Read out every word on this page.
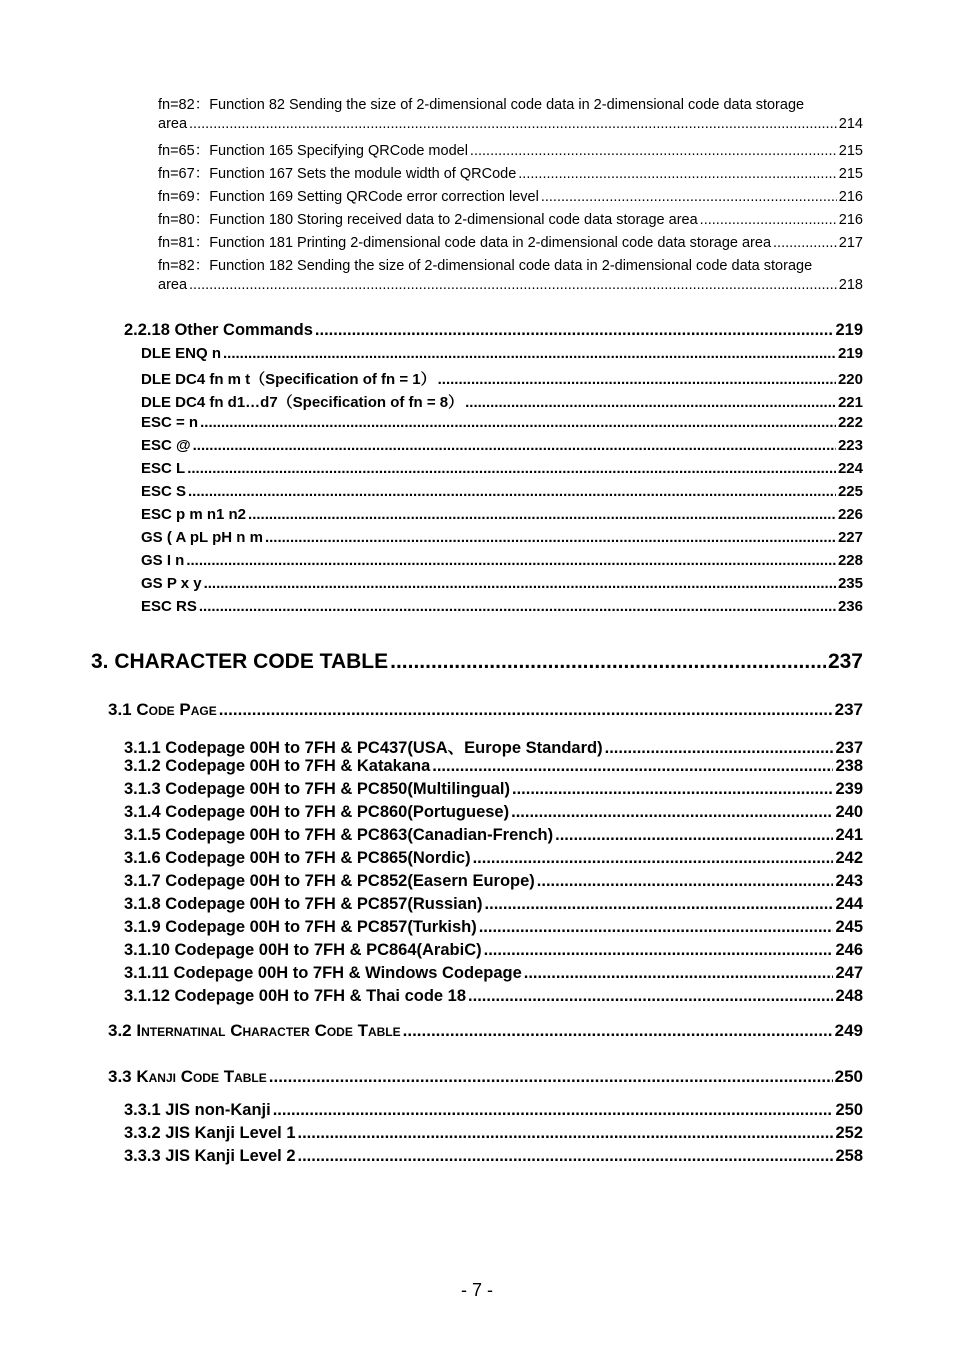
fn=82：Function 82 Sending the size of 2-dimensional code data in 2-dimensional code data storage
area .....	214
fn=65：Function 165 Specifying QRCode model .....	215
fn=67：Function 167 Sets the module width of QRCode .....	215
fn=69：Function 169 Setting QRCode error correction level .....	216
fn=80：Function 180 Storing received data to 2-dimensional code data storage area .....	216
fn=81：Function 181 Printing 2-dimensional code data in 2-dimensional code data storage area .....	217
fn=82：Function 182 Sending the size of 2-dimensional code data in 2-dimensional code data storage
area .....	218
2.2.18 Other Commands .....	219
DLE ENQ n .....	219
DLE DC4 fn m t（Specification of fn = 1） .....	220
DLE DC4 fn d1…d7（Specification of fn = 8） .....	221
ESC = n .....	222
ESC @ .....	223
ESC L .....	224
ESC S .....	225
ESC p m n1 n2 .....	226
GS ( A pL pH n m .....	227
GS I n .....	228
GS P x y .....	235
ESC RS .....	236
3. CHARACTER CODE TABLE .....	237
3.1 Code Page .....	237
3.1.1 Codepage 00H to 7FH & PC437(USA、Europe Standard) .....	237
3.1.2 Codepage 00H to 7FH & Katakana .....	238
3.1.3 Codepage 00H to 7FH & PC850(Multilingual) .....	239
3.1.4 Codepage 00H to 7FH & PC860(Portuguese) .....	240
3.1.5 Codepage 00H to 7FH & PC863(Canadian-French) .....	241
3.1.6 Codepage 00H to 7FH & PC865(Nordic) .....	242
3.1.7 Codepage 00H to 7FH & PC852(Easern Europe) .....	243
3.1.8 Codepage 00H to 7FH & PC857(Russian) .....	244
3.1.9 Codepage 00H to 7FH & PC857(Turkish) .....	245
3.1.10 Codepage 00H to 7FH & PC864(ArabiC) .....	246
3.1.11 Codepage 00H to 7FH & Windows Codepage .....	247
3.1.12 Codepage 00H to 7FH & Thai code 18 .....	248
3.2 Internatinal Character Code Table .....	249
3.3 Kanji Code Table .....	250
3.3.1 JIS non-Kanji .....	250
3.3.2 JIS Kanji Level 1 .....	252
3.3.3 JIS Kanji Level 2 .....	258
- 7 -
